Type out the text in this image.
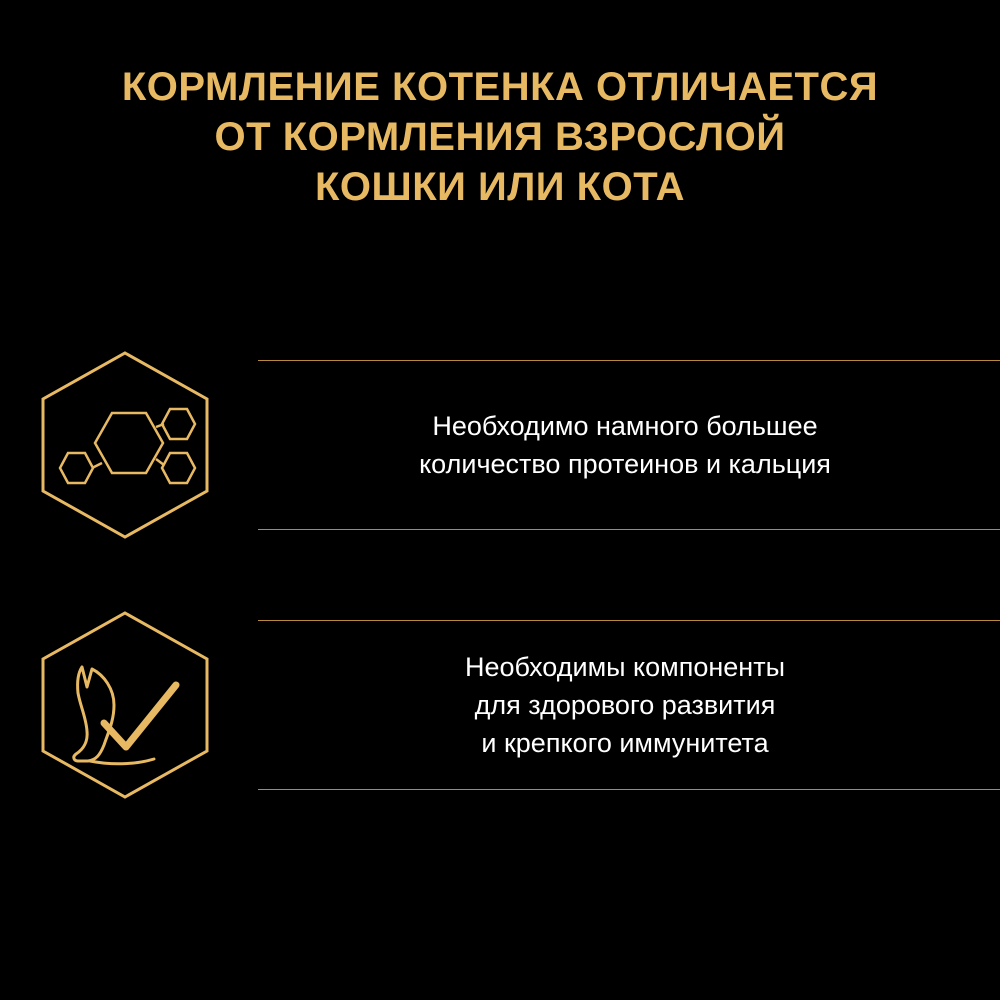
КОРМЛЕНИЕ КОТЕНКА ОТЛИЧАЕТСЯ
ОТ КОРМЛЕНИЯ ВЗРОСЛОЙ
КОШКИ ИЛИ КОТА
Необходимо намного большее
количество протеинов и кальция
Необходимы компоненты
для здорового развития
и крепкого иммунитета
